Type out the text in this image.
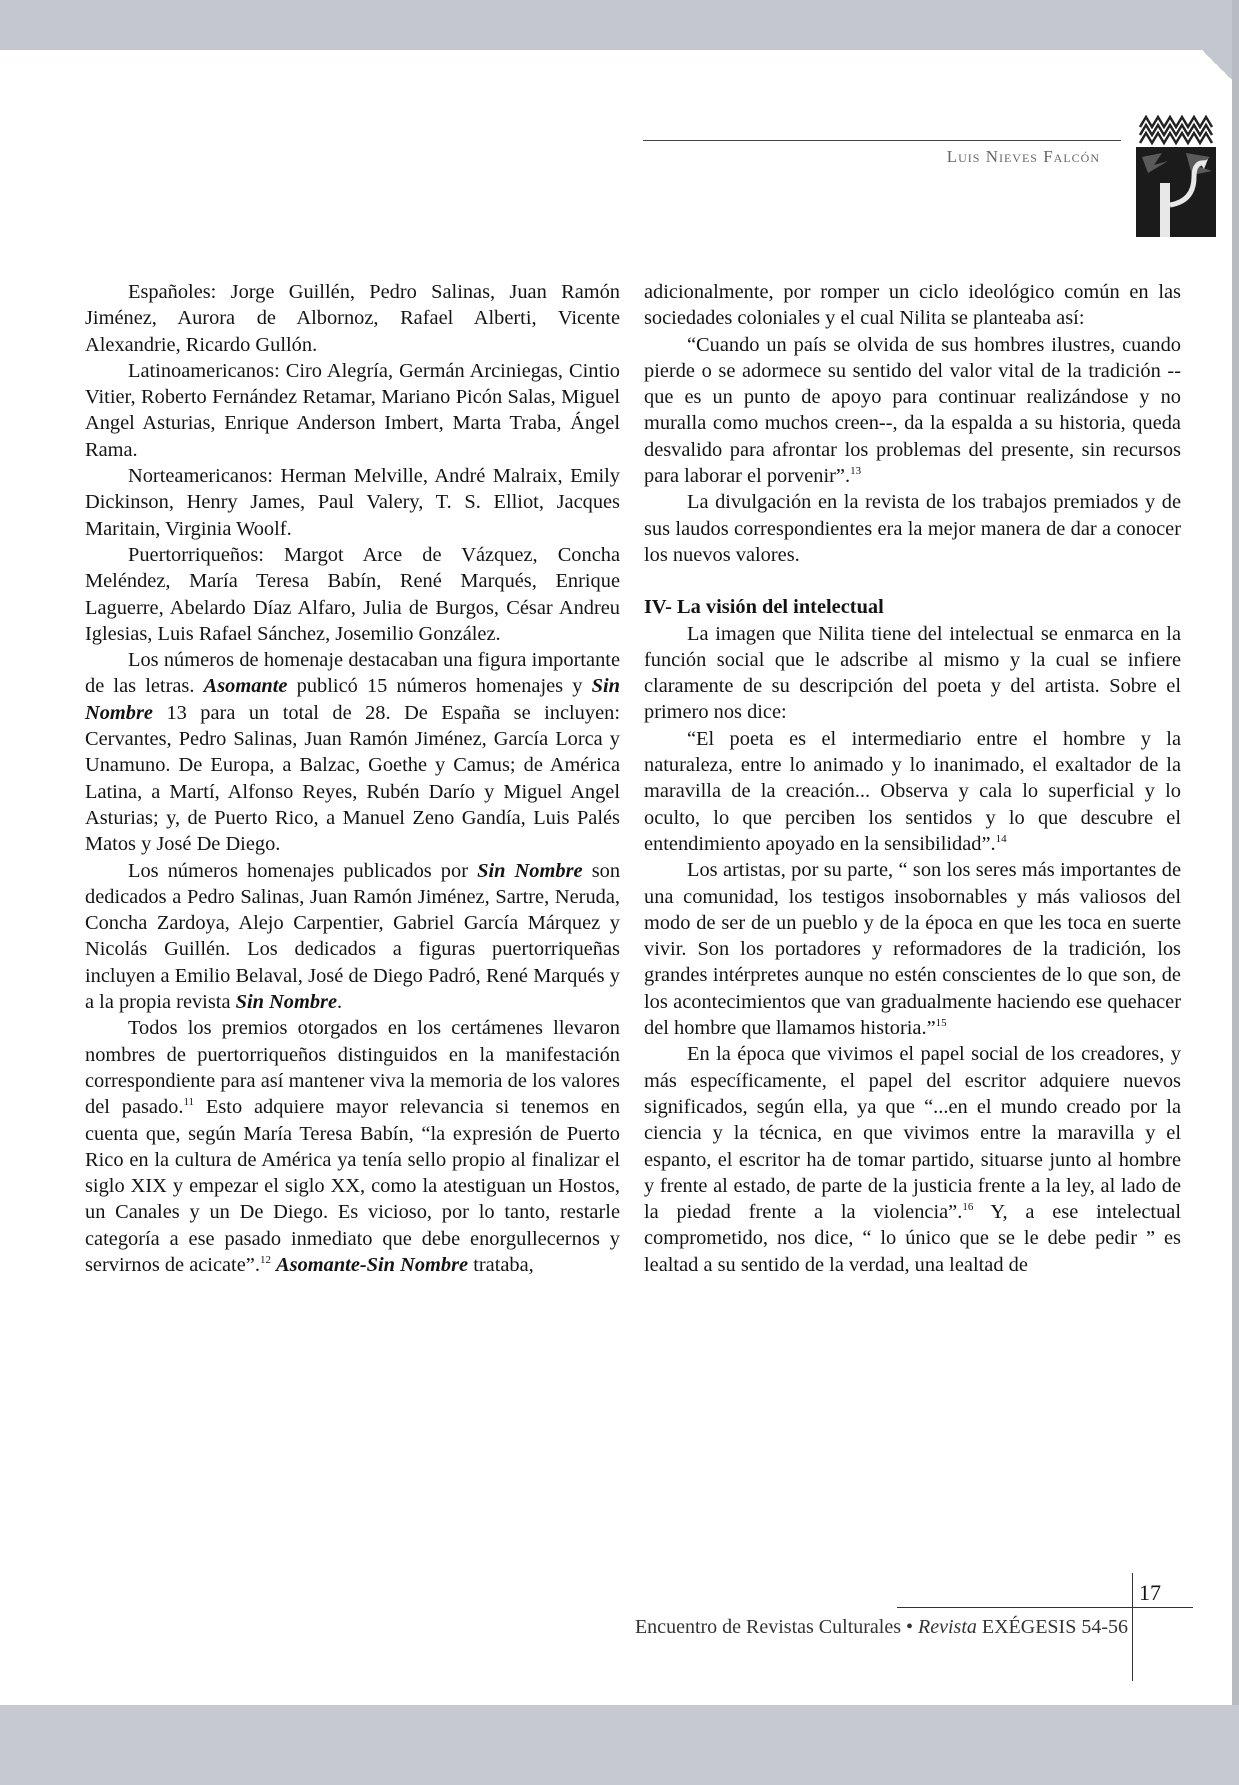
Luis Nieves Falcón

Españoles: Jorge Guillén, Pedro Salinas, Juan Ramón Jiménez, Aurora de Albornoz, Rafael Alberti, Vicente Alexandrie, Ricardo Gullón.

Latinoamericanos: Ciro Alegría, Germán Arciniegas, Cintio Vitier, Roberto Fernández Retamar, Mariano Picón Salas, Miguel Angel Asturias, Enrique Anderson Imbert, Marta Traba, Ángel Rama.

Norteamericanos: Herman Melville, André Malraix, Emily Dickinson, Henry James, Paul Valery, T. S. Elliot, Jacques Maritain, Virginia Woolf.

Puertorriqueños: Margot Arce de Vázquez, Concha Meléndez, María Teresa Babín, René Marqués, Enrique Laguerre, Abelardo Díaz Alfaro, Julia de Burgos, César Andreu Iglesias, Luis Rafael Sánchez, Josemilio González.

Los números de homenaje destacaban una figura importante de las letras. Asomante publicó 15 números homenajes y Sin Nombre 13 para un total de 28. De España se incluyen: Cervantes, Pedro Salinas, Juan Ramón Jiménez, García Lorca y Unamuno. De Europa, a Balzac, Goethe y Camus; de América Latina, a Martí, Alfonso Reyes, Rubén Darío y Miguel Angel Asturias; y, de Puerto Rico, a Manuel Zeno Gandía, Luis Palés Matos y José De Diego.

Los números homenajes publicados por Sin Nombre son dedicados a Pedro Salinas, Juan Ramón Jiménez, Sartre, Neruda, Concha Zardoya, Alejo Carpentier, Gabriel García Márquez y Nicolás Guillén. Los dedicados a figuras puertorriqueñas incluyen a Emilio Belaval, José de Diego Padró, René Marqués y a la propia revista Sin Nombre.

Todos los premios otorgados en los certámenes llevaron nombres de puertorriqueños distinguidos en la manifestación correspondiente para así mantener viva la memoria de los valores del pasado.$^{11}$ Esto adquiere mayor relevancia si tenemos en cuenta que, según María Teresa Babín, “la expresión de Puerto Rico en la cultura de América ya tenía sello propio al finalizar el siglo XIX y empezar el siglo XX, como la atestiguan un Hostos, un Canales y un De Diego. Es vicioso, por lo tanto, restarle categoría a ese pasado inmediato que debe enorgullecernos y servirnos de acicate”.$^{12}$ Asomante-Sin Nombre trataba,

adicionalmente, por romper un ciclo ideológico común en las sociedades coloniales y el cual Nilita se planteaba así:

“Cuando un país se olvida de sus hombres ilustres, cuando pierde o se adormece su sentido del valor vital de la tradición --que es un punto de apoyo para continuar realizándose y no muralla como muchos creen--, da la espalda a su historia, queda desvalido para afrontar los problemas del presente, sin recursos para laborar el porvenir”.$^{13}$

La divulgación en la revista de los trabajos premiados y de sus laudos correspondientes era la mejor manera de dar a conocer los nuevos valores.

IV- La visión del intelectual

La imagen que Nilita tiene del intelectual se enmarca en la función social que le adscribe al mismo y la cual se infiere claramente de su descripción del poeta y del artista. Sobre el primero nos dice:

“El poeta es el intermediario entre el hombre y la naturaleza, entre lo animado y lo inanimado, el exaltador de la maravilla de la creación... Observa y cala lo superficial y lo oculto, lo que perciben los sentidos y lo que descubre el entendimiento apoyado en la sensibilidad”.$^{14}$

Los artistas, por su parte, “ son los seres más importantes de una comunidad, los testigos insobornables y más valiosos del modo de ser de un pueblo y de la época en que les toca en suerte vivir. Son los portadores y reformadores de la tradición, los grandes intérpretes aunque no estén conscientes de lo que son, de los acontecimientos que van gradualmente haciendo ese quehacer del hombre que llamamos historia.”$^{15}$

En la época que vivimos el papel social de los creadores, y más específicamente, el papel del escritor adquiere nuevos significados, según ella, ya que “...en el mundo creado por la ciencia y la técnica, en que vivimos entre la maravilla y el espanto, el escritor ha de tomar partido, situarse junto al hombre y frente al estado, de parte de la justicia frente a la ley, al lado de la piedad frente a la violencia”.$^{16}$ Y, a ese intelectual comprometido, nos dice, “ lo único que se le debe pedir ” es lealtad a su sentido de la verdad, una lealtad de

17
Encuentro de Revistas Culturales • Revista EXÉGESIS 54-56
